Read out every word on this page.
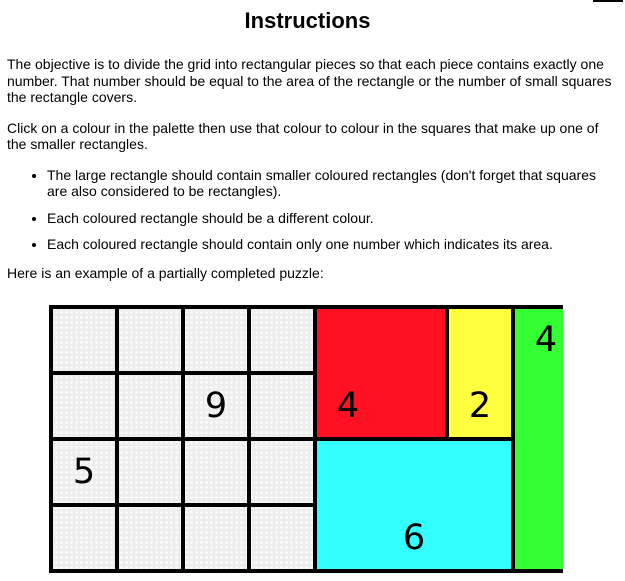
Instructions

The objective is to divide the grid into rectangular pieces so that each piece contains exactly one number. That number should be equal to the area of the rectangle or the number of small squares the rectangle covers.

Click on a colour in the palette then use that colour to colour in the squares that make up one of the smaller rectangles.

• The large rectangle should contain smaller coloured rectangles (don't forget that squares are also considered to be rectangles).
• Each coloured rectangle should be a different colour.
• Each coloured rectangle should contain only one number which indicates its area.

Here is an example of a partially completed puzzle:

4
9	4	2
5
6
